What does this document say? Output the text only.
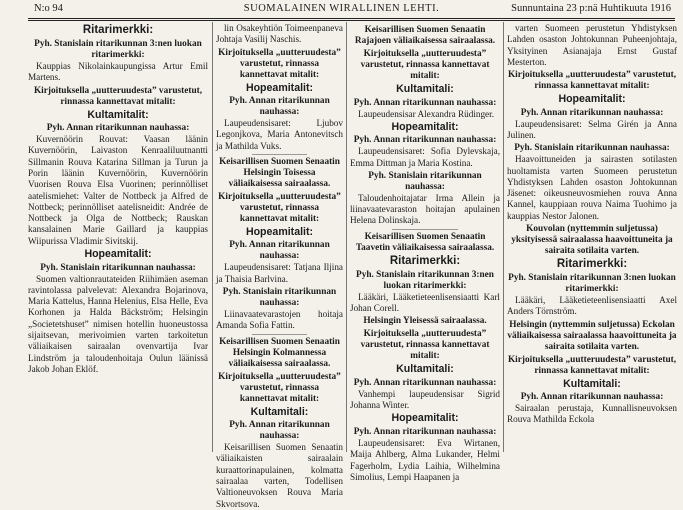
N:o 94	SUOMALAINEN WIRALLINEN LEHTI.	Sunnuntaina 23 p:nä Huhtikuuta 1916
Ritarimerkki:
Pyh. Stanislain ritarikunnan 3:nen luokan ritarimerkki:
Kauppias Nikolainkaupungissa Artur Emil Martens.
Kirjoituksella „uutteruudesta” varustetut, rinnassa kannettavat mitalit:
Kultamitalit:
Pyh. Annan ritarikunnan nauhassa:
Kuvernöörin Rouvat: Vaasan läänin Kuvernöörin, Laivaston Kenraaliluutnantti Sillmanin Rouva Katarina Sillman ja Turun ja Porin läänin Kuvernöörin, Kuvernöörin Vuorisen Rouva Elsa Vuorinen; perinnölliset aatelismiehet: Valter de Nottbeck ja Alfred de Nottbeck; perinnölliset aatelisneidit: Andrée de Nottbeck ja Olga de Nottbeck; Rauskan kansalainen Marie Gaillard ja kauppias Wiipurissa Vladimir Sivitskij.
Hopeamitalit:
Pyh. Stanislain ritarikunnan nauhassa:
Suomen valtionrautateiden Riihimäen aseman ravintolassa palvelevat: Alexandra Bojarinova, Maria Kattelus, Hanna Helenius, Elsa Helle, Eva Korhonen ja Halda Bäckström; Helsingin „Societetshuset” nimisen hotellin huoneustossa sijaitsevan, merivoimien varten tarkoitetun väliaikaisen sairaalan ovenvartija Ivar Lindström ja taloudenhoitaja Oulun läänissä Jakob Johan Eklöf.
lin Osakeyhtiön Toimeenpaneva Johtaja Vasilij Naschis.
Kirjoituksella „uutteruudesta” varustetut, rinnassa kannettavat mitalit:
Hopeamitalit:
Pyh. Annan ritarikunnan nauhassa:
Laupeudensisaret: Ljubov Legonjkova, Maria Antonevitsch ja Mathilda Vuks.
Keisarillisen Suomen Senaatin Helsingin Toisessa väliaikaisessa sairaalassa.
Kirjoituksella „uutteruudesta” varustetut, rinnassa kannettavat mitalit:
Hopeamitalit:
Pyh. Annan ritarikunnan nauhassa:
Laupeudensisaret: Tatjana Iljina ja Thaisia Barlvina.
Pyh. Stanislain ritarikunnan nauhassa:
Liinavaatevarastojen hoitaja Amanda Sofia Fattin.
Keisarillisen Suomen Senaatin Helsingin Kolmannessa väliaikaisessa sairaalassa.
Kirjoituksella „uutteruudesta” varustetut, rinnassa kannettavat mitalit:
Kultamitali:
Pyh. Annan ritarikunnan nauhassa:
Keisarillisen Suomen Senaatin väliaikaisten sairaalain kuraattorinapulainen, kolmatta sairaalaa varten, Todellisen Valtioneuvoksen Rouva Maria Skvortsova.
Keisarillisen Suomen Senaatin Rajajoen väliaikaisessa sairaalassa.
Kirjoituksella „uutteruudesta” varustetut, rinnassa kannettavat mitalit:
Kultamitali:
Pyh. Annan ritarikunnan nauhassa:
Laupeudensisar Alexandra Rüdinger.
Hopeamitalit:
Pyh. Annan ritarikunnan nauhassa:
Laupeudensisaret: Sofia Dylevskaja, Emma Dittman ja Maria Kostina.
Pyh. Stanislain ritarikunnan nauhassa:
Taloudenhoitajatar Irma Allein ja liinavaatevaraston hoitajan apulainen Helena Dolinskaja.
Keisarillisen Suomen Senaatin Taavetin väliaikaisessa sairaalassa.
Ritarimerkki:
Pyh. Stanislain ritarikunnan 3:nen luokan ritarimerkki:
Lääkäri, Lääketieteenlisensiaatti Karl Johan Corell.
Helsingin Yleisessä sairaalassa.
Kirjoituksella „uutteruudesta” varustetut, rinnassa kannettavat mitalit:
Kultamitali:
Pyh. Annan ritarikunnan nauhassa:
Vanhempi laupeudensisar Sigrid Johanna Winter.
Hopeamitalit:
Pyh. Annan ritarikunnan nauhassa:
Laupeudensisaret: Eva Wirtanen, Maija Ahlberg, Alma Lukander, Helmi Fagerholm, Lydia Laihia, Wilhelmina Simolius, Lempi Haapanen ja
varten Suomeen perustetun Yhdistyksen Lahden osaston Johtokunnan Puheenjohtaja, Yksityinen Asianajaja Ernst Gustaf Mesterton.
Kirjoituksella „uutteruudesta” varustetut, rinnassa kannettavat mitalit:
Hopeamitalit:
Pyh. Annan ritarikunnan nauhassa:
Laupeudensisaret: Selma Girén ja Anna Julinen.
Pyh. Stanislain ritarikunnan nauhassa:
Haavoittuneiden ja sairasten sotilasten huoltamista varten Suomeen perustetun Yhdistyksen Lahden osaston Johtokunnan Jäsenet: oikeusneuvosmiehen rouva Anna Kannel, kauppiaan rouva Naima Tuohimo ja kauppias Nestor Jalonen.
Kouvolan (nyttemmin suljetussa) yksityisessä sairaalassa haavoittuneita ja sairaita sotilaita varten.
Ritarimerkki:
Pyh. Stanislain ritarikunnan 3:nen luokan ritarimerkki:
Lääkäri, Lääketieteenlisensiaatti Axel Anders Törnström.
Helsingin (nyttemmin suljetussa) Eckolan väliaikaisessa sairaalassa haavoittuneita ja sairaita sotilaita varten.
Kirjoituksella „uutteruudesta” varustetut, rinnassa kannettavat mitalit:
Kultamitali:
Pyh. Annan ritarikunnan nauhassa:
Sairaalan perustaja, Kunnallisneuvoksen Rouva Mathilda Eckola
